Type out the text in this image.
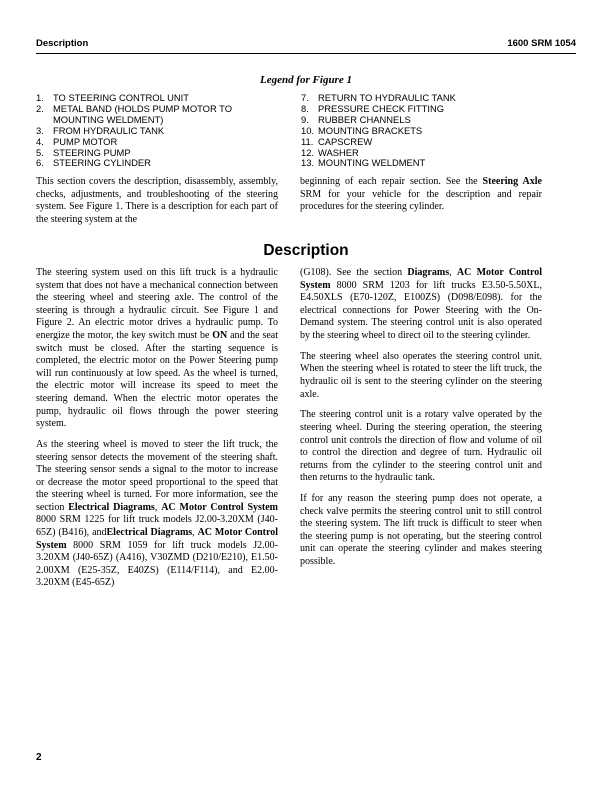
Description	1600 SRM 1054
Legend for Figure 1
1. TO STEERING CONTROL UNIT
2. METAL BAND (HOLDS PUMP MOTOR TO MOUNTING WELDMENT)
3. FROM HYDRAULIC TANK
4. PUMP MOTOR
5. STEERING PUMP
6. STEERING CYLINDER
7. RETURN TO HYDRAULIC TANK
8. PRESSURE CHECK FITTING
9. RUBBER CHANNELS
10. MOUNTING BRACKETS
11. CAPSCREW
12. WASHER
13. MOUNTING WELDMENT

This section covers the description, disassembly, assembly, checks, adjustments, and troubleshooting of the steering system. See Figure 1. There is a description for each part of the steering system at the

beginning of each repair section. See the Steering Axle SRM for your vehicle for the description and repair procedures for the steering cylinder.

Description

The steering system used on this lift truck is a hydraulic system that does not have a mechanical connection between the steering wheel and steering axle. The control of the steering is through a hydraulic circuit. See Figure 1 and Figure 2. An electric motor drives a hydraulic pump. To energize the motor, the key switch must be ON and the seat switch must be closed. After the starting sequence is completed, the electric motor on the Power Steering pump will run continuously at low speed. As the wheel is turned, the electric motor will increase its speed to meet the steering demand. When the electric motor operates the pump, hydraulic oil flows through the power steering system.

As the steering wheel is moved to steer the lift truck, the steering sensor detects the movement of the steering shaft. The steering sensor sends a signal to the motor to increase or decrease the motor speed proportional to the speed that the steering wheel is turned. For more information, see the section Electrical Diagrams, AC Motor Control System 8000 SRM 1225 for lift truck models J2.00-3.20XM (J40-65Z) (B416), andElectrical Diagrams, AC Motor Control System 8000 SRM 1059 for lift truck models J2.00-3.20XM (J40-65Z) (A416), V30ZMD (D210/E210), E1.50-2.00XM (E25-35Z, E40ZS) (E114/F114), and E2.00-3.20XM (E45-65Z)

(G108). See the section Diagrams, AC Motor Control System 8000 SRM 1203 for lift trucks E3.50-5.50XL, E4.50XLS (E70-120Z, E100ZS) (D098/E098). for the electrical connections for Power Steering with the On-Demand system. The steering control unit is also operated by the steering wheel to direct oil to the steering cylinder.

The steering wheel also operates the steering control unit. When the steering wheel is rotated to steer the lift truck, the hydraulic oil is sent to the steering cylinder on the steering axle.

The steering control unit is a rotary valve operated by the steering wheel. During the steering operation, the steering control unit controls the direction of flow and volume of oil to control the direction and degree of turn. Hydraulic oil returns from the cylinder to the steering control unit and then returns to the hydraulic tank.

If for any reason the steering pump does not operate, a check valve permits the steering control unit to still control the steering system. The lift truck is difficult to steer when the steering pump is not operating, but the steering control unit can operate the steering cylinder and makes steering possible.

2
